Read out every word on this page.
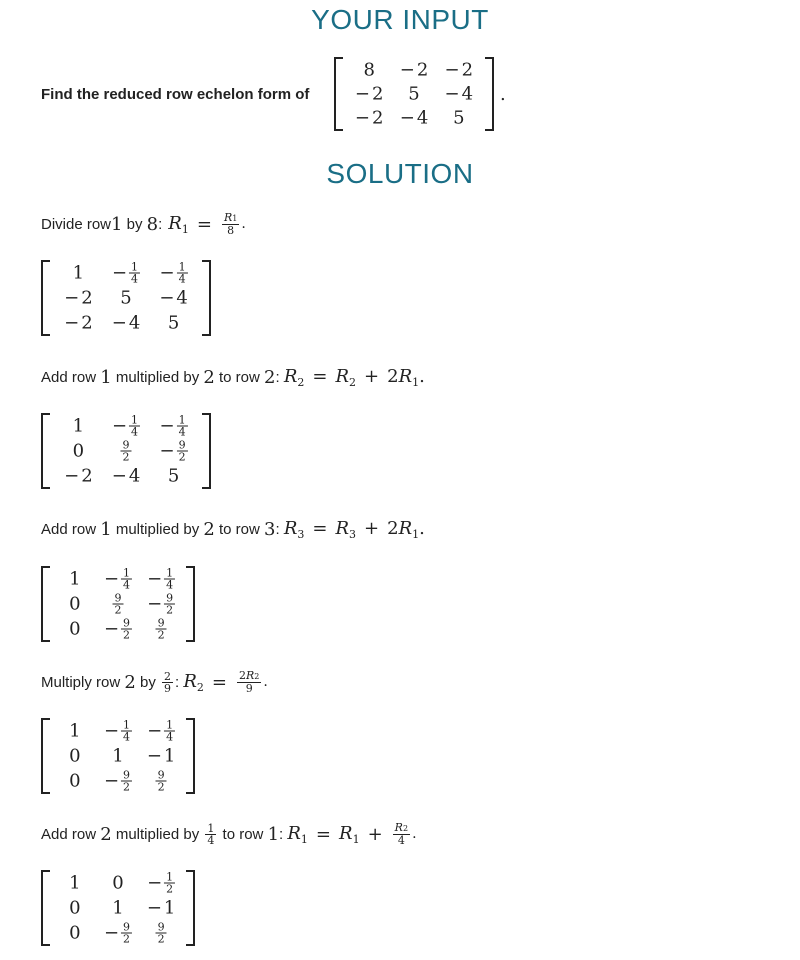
YOUR INPUT
Find the reduced row echelon form of
8 − 2 − 2
− 2 5 − 4
− 2 − 4 5
.
SOLUTION
Divide row 1 by 8 : $R_1 = \frac{R1}{8}$ .
$1 - \frac{1}{4} - \frac{1}{4}$
− 2 5 − 4
− 2 − 4 5
Add row 1 multiplied by 2 to row 2 : $R_2 = R_2 + 2R_1$.
$1 - \frac{1}{4} - \frac{1}{4}$
0	9
$2 - \frac{9}{2}$
− 2 − 4 5
Add row 1 multiplied by 2 to row 3 : $R_3 = R_3 + 2R_1$.
$1 - \frac{1}{4} - \frac{1}{4}$
0	9
$2 - \frac{9}{2}$
$0 - \frac{9}{2} 9$
2
Multiply row 2 by 2
9 : $R_2 = \frac{2R2}{9}$ .
$1 - \frac{1}{4} - \frac{1}{4}$
0 1 − 1
$0 - \frac{9}{2} 9$
2
Add row 2 multiplied by 1
4 to row 1 : $R_1 = R_1 + \frac{R2}{4}$ .
1 $0 - \frac{1}{2}$
0 1 − 1
$0 - \frac{9}{2} 9$
2
